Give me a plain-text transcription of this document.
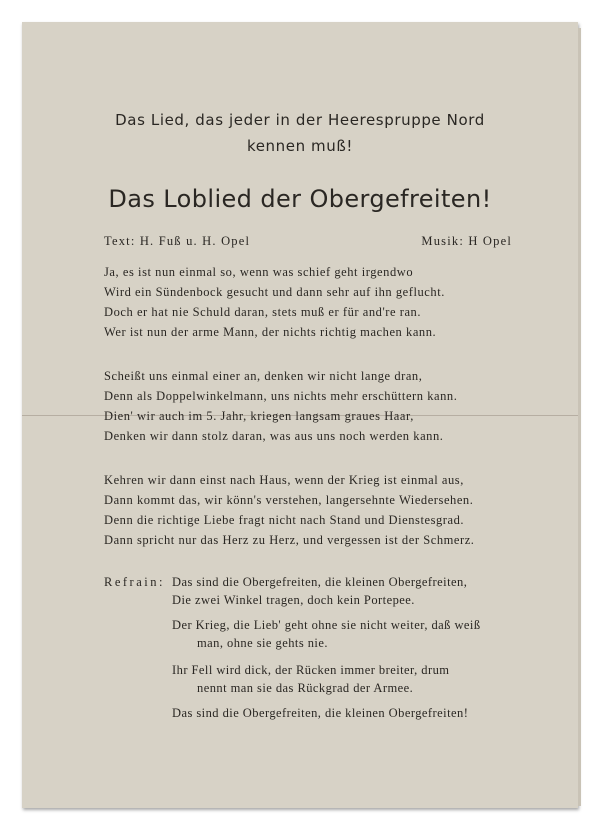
Das Lied, das jeder in der Heerespruppe Nord
kennen muß!
Das Loblied der Obergefreiten!
Text: H. Fuß u. H. Opel	Musik: H Opel
Ja, es ist nun einmal so, wenn was schief geht irgendwo
Wird ein Sündenbock gesucht und dann sehr auf ihn geflucht.
Doch er hat nie Schuld daran, stets muß er für and're ran.
Wer ist nun der arme Mann, der nichts richtig machen kann.
Scheißt uns einmal einer an, denken wir nicht lange dran,
Denn als Doppelwinkelmann, uns nichts mehr erschüttern kann.
Dien' wir auch im 5. Jahr, kriegen langsam graues Haar,
Denken wir dann stolz daran, was aus uns noch werden kann.
Kehren wir dann einst nach Haus, wenn der Krieg ist einmal aus,
Dann kommt das, wir könn's verstehen, langersehnte Wiedersehen.
Denn die richtige Liebe fragt nicht nach Stand und Dienstesgrad.
Dann spricht nur das Herz zu Herz, und vergessen ist der Schmerz.
Refrain: Das sind die Obergefreiten, die kleinen Obergefreiten,
Die zwei Winkel tragen, doch kein Portepee.
Der Krieg, die Lieb' geht ohne sie nicht weiter, daß weiß
man, ohne sie gehts nie.
Ihr Fell wird dick, der Rücken immer breiter, drum
nennt man sie das Rückgrad der Armee.
Das sind die Obergefreiten, die kleinen Obergefreiten!
